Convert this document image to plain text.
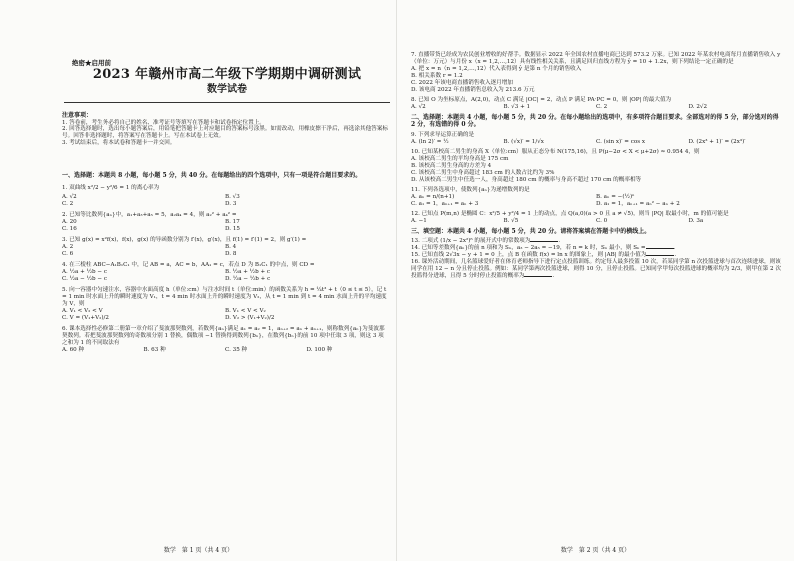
绝密★启用前
2023 年赣州市高二年级下学期期中调研测试
数学试卷

注意事项：

1. 答卷前，考生务必将自己的姓名、准考证号等填写在答题卡和试卷指定位置上。

2. 回答选择题时，选出每小题答案后，用铅笔把答题卡上对应题目的答案标号涂黑。如需改动，用橡皮擦干净后，再选涂其他答案标号。回答非选择题时，将答案写在答题卡上。写在本试卷上无效。

3. 考试结束后，将本试卷和答题卡一并交回。

一、选择题：本题共 8 小题，每小题 5 分，共 40 分。在每题给出的四个选项中，只有一项是符合题目要求的。

1. 双曲线 x²/2 − y²/6 = 1 的离心率为

A. √2	B. √3
C. 2	D. 3

2. 已知等比数列{aₙ}中，a₁+a₃+a₅ = 5，a₂a₄ = 4，则 a₂² + a₄² =

A. 20	B. 17
C. 16	D. 15

3. 已知 g(x) = x²f(x)，f(x)，g(x) 的导函数分别为 f′(x)，g′(x)，且 f(1) = f′(1) = 2，则 g′(1) =

A. 2	B. 4
C. 6	D. 8

4. 在三棱柱 ABC−A₁B₁C₁ 中，记 AB = a，AC = b，AA₁ = c，若点 D 为 B₁C₁ 的中点，则 CD =

A. ½a + ½b − c	B. ½a + ½b + c
C. ½a − ½b − c	D. ½a − ½b + c

5. 向一容器中匀速注水，容器中水面高度 h（单位:cm）与注水时间 t（单位:min）的函数关系为 h = ¼t³ + t（0 ≤ t ≤ 5），记 t = 1 min 时水面上升的瞬时速度为 V₁，t = 4 min 时水面上升的瞬时速度为 V₂，从 t = 1 min 到 t = 4 min 水面上升的平均速度为 V，则

A. V₁ < V₂ < V	B. V₁ < V < V₂
C. V = (V₁+V₂)/2	D. V₂ > (V₁+V₂)/2

6. 课本选择性必修第二册第一章介绍了斐波那契数列，若数列{aₙ}满足 a₁ = a₂ = 1，aₙ₊₂ = aₙ + aₙ₊₁，则称数列{aₙ}为斐波那契数列。若把斐波那契数列的奇数项分别 1 替换，偶数项 −1 替换得到数列{bₙ}，在数列{bₙ}的前 10 项中任取 3 项，则这 3 项之和为 1 的不同取法有

A. 60 种	B. 63 种	C. 35 种	D. 100 种
数学　第 1 页（共 4 页）

7. 直播带货已经成为农民创业增收的好帮手。数据显示 2022 年全国农村直播电商已达到 573.2 万家。已知 2022 年某农村电商每月直播销售收入 y（单位：万元）与月份 x（x = 1,2,…,12）具有线性相关关系，且满足回归直线方程为 ŷ = 10 + 1.2x，则下列结论一定正确的是

A. 把 x = n（n = 1,2,…,12）代入表得到 ŷ 是第 n 个月的销售收入

B. 相关系数 r = 1.2

C. 2022 年该电商直播销售收入逐月增加

D. 该电商 2022 年直播销售总收入为 213.6 万元

8. 已知 O 为坐标原点，A(2,0)，动点 C 满足 |OC| = 2，动点 P 满足 PA·PC = 0，则 |OP| 的最大值为

A. √2	B. √3 + 1	C. 2	D. 2√2

二、选择题：本题共 4 小题，每小题 5 分，共 20 分。在每小题给出的选项中，有多项符合题目要求。全部选对的得 5 分，部分选对的得 2 分，有选错的得 0 分。

9. 下列求导运算正确的是

A. (ln 2)′ = ½	B. (√x)′ = 1/√x	C. (sin x)′ = cos x	D. (2x³ + 1)′ = (2x³)′

10. 已知某校高二男生的身高 X（单位:cm）服从正态分布 N(175,16)，且 P(μ−2σ < X < μ+2σ) ≈ 0.954 4，则

A. 该校高二男生的平均身高是 175 cm

B. 该校高二男生身高的方差为 4

C. 该校高二男生中身高超过 183 cm 的人数占比约为 3%

D. 从该校高二男生中任选一人，身高超过 180 cm 的概率与身高不超过 170 cm 的概率相等

11. 下列各选项中，使数列{aₙ}为递增数列的是

A. aₙ = n/(n+1)	B. aₙ = −(½)ⁿ
C. a₁ = 1，aₙ₊₁ = aₙ + 3	D. a₁ = 1，aₙ₊₁ = aₙ² − aₙ + 2

12. 已知点 P(m,n) 是椭圆 C：x²/5 + y²/4 = 1 上的动点，点 Q(a,0)(a > 0 且 a ≠ √5)，则当 |PQ| 取最小时，m 的值可能是

A. −1	B. √5	C. 0	D. 3a

三、填空题：本题共 4 小题，每小题 5 分，共 20 分。请将答案填在答题卡中的横线上。

13. 二项式 (1/x − 2x²)⁶ 的展开式中的常数项为	．

14. 已知等差数列{aₙ}的前 n 项和为 Sₙ，a₃ − 2a₅ = −19，若 n = k 时，Sₙ 最小，则 Sₖ =	．

15. 已知直线 2√3x − y + 1 = 0 上，点 B 在函数 f(x) = ln x 的图象上，则 |AB| 的最小值为	．

16. 课外活动期间，几名篮球爱好者在体育老师指导下进行定点投篮训练。约定每人最多投篮 10 次，若某同学第 n 次投篮进球与首次连续进球，则该同学在用 12 − n 分且停止投篮。例如：某同学第两次投篮进球，则得 10 分，且停止投篮。已知同学甲每次投篮进球的概率均为 2/3，则甲在第 2 次投篮得分进球，且得 5 分时停止投篮的概率为	．

数学　第 2 页（共 4 页）
